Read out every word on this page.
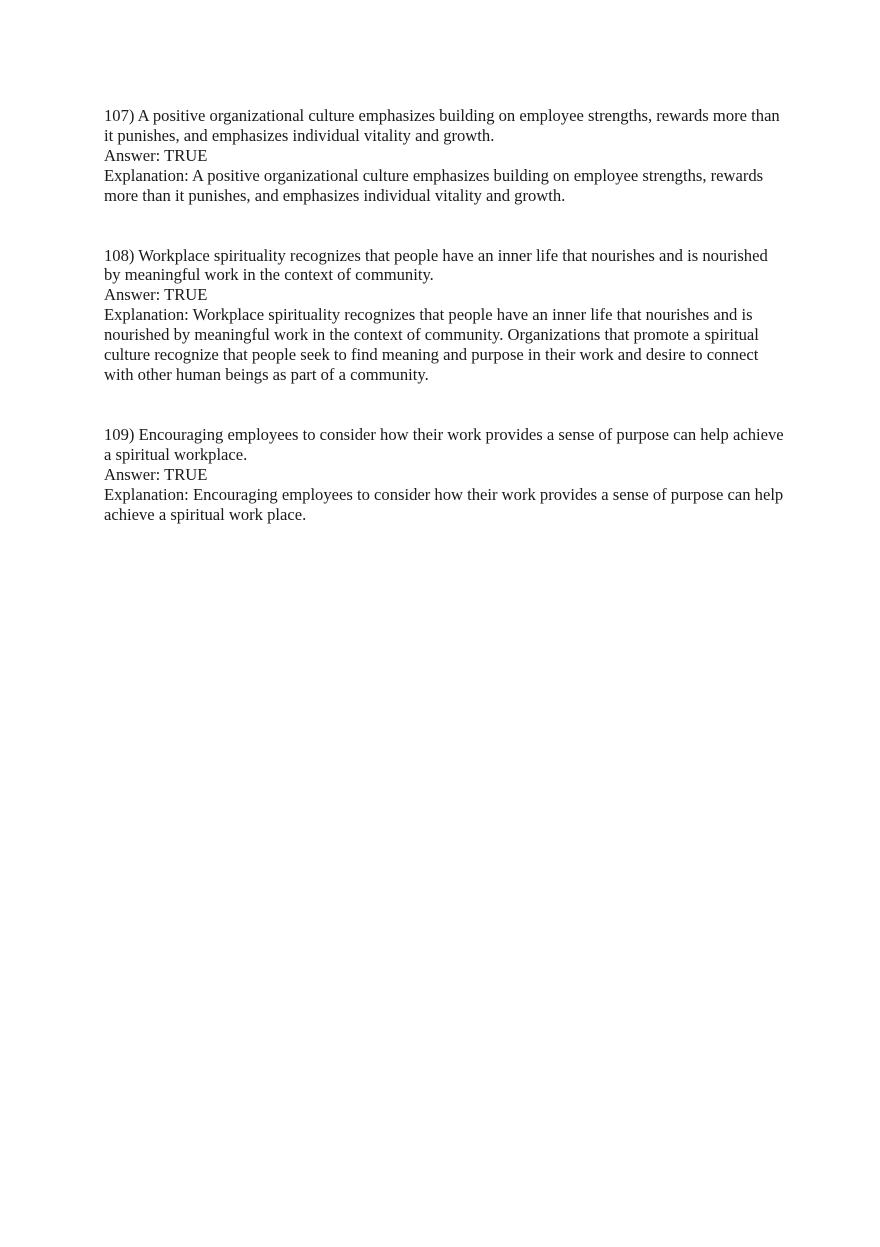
107) A positive organizational culture emphasizes building on employee strengths, rewards more than it punishes, and emphasizes individual vitality and growth.

Answer: TRUE

Explanation: A positive organizational culture emphasizes building on employee strengths, rewards more than it punishes, and emphasizes individual vitality and growth.

108) Workplace spirituality recognizes that people have an inner life that nourishes and is nourished by meaningful work in the context of community.

Answer: TRUE

Explanation: Workplace spirituality recognizes that people have an inner life that nourishes and is nourished by meaningful work in the context of community. Organizations that promote a spiritual culture recognize that people seek to find meaning and purpose in their work and desire to connect with other human beings as part of a community.

109) Encouraging employees to consider how their work provides a sense of purpose can help achieve a spiritual workplace.

Answer: TRUE

Explanation: Encouraging employees to consider how their work provides a sense of purpose can help achieve a spiritual work place.
